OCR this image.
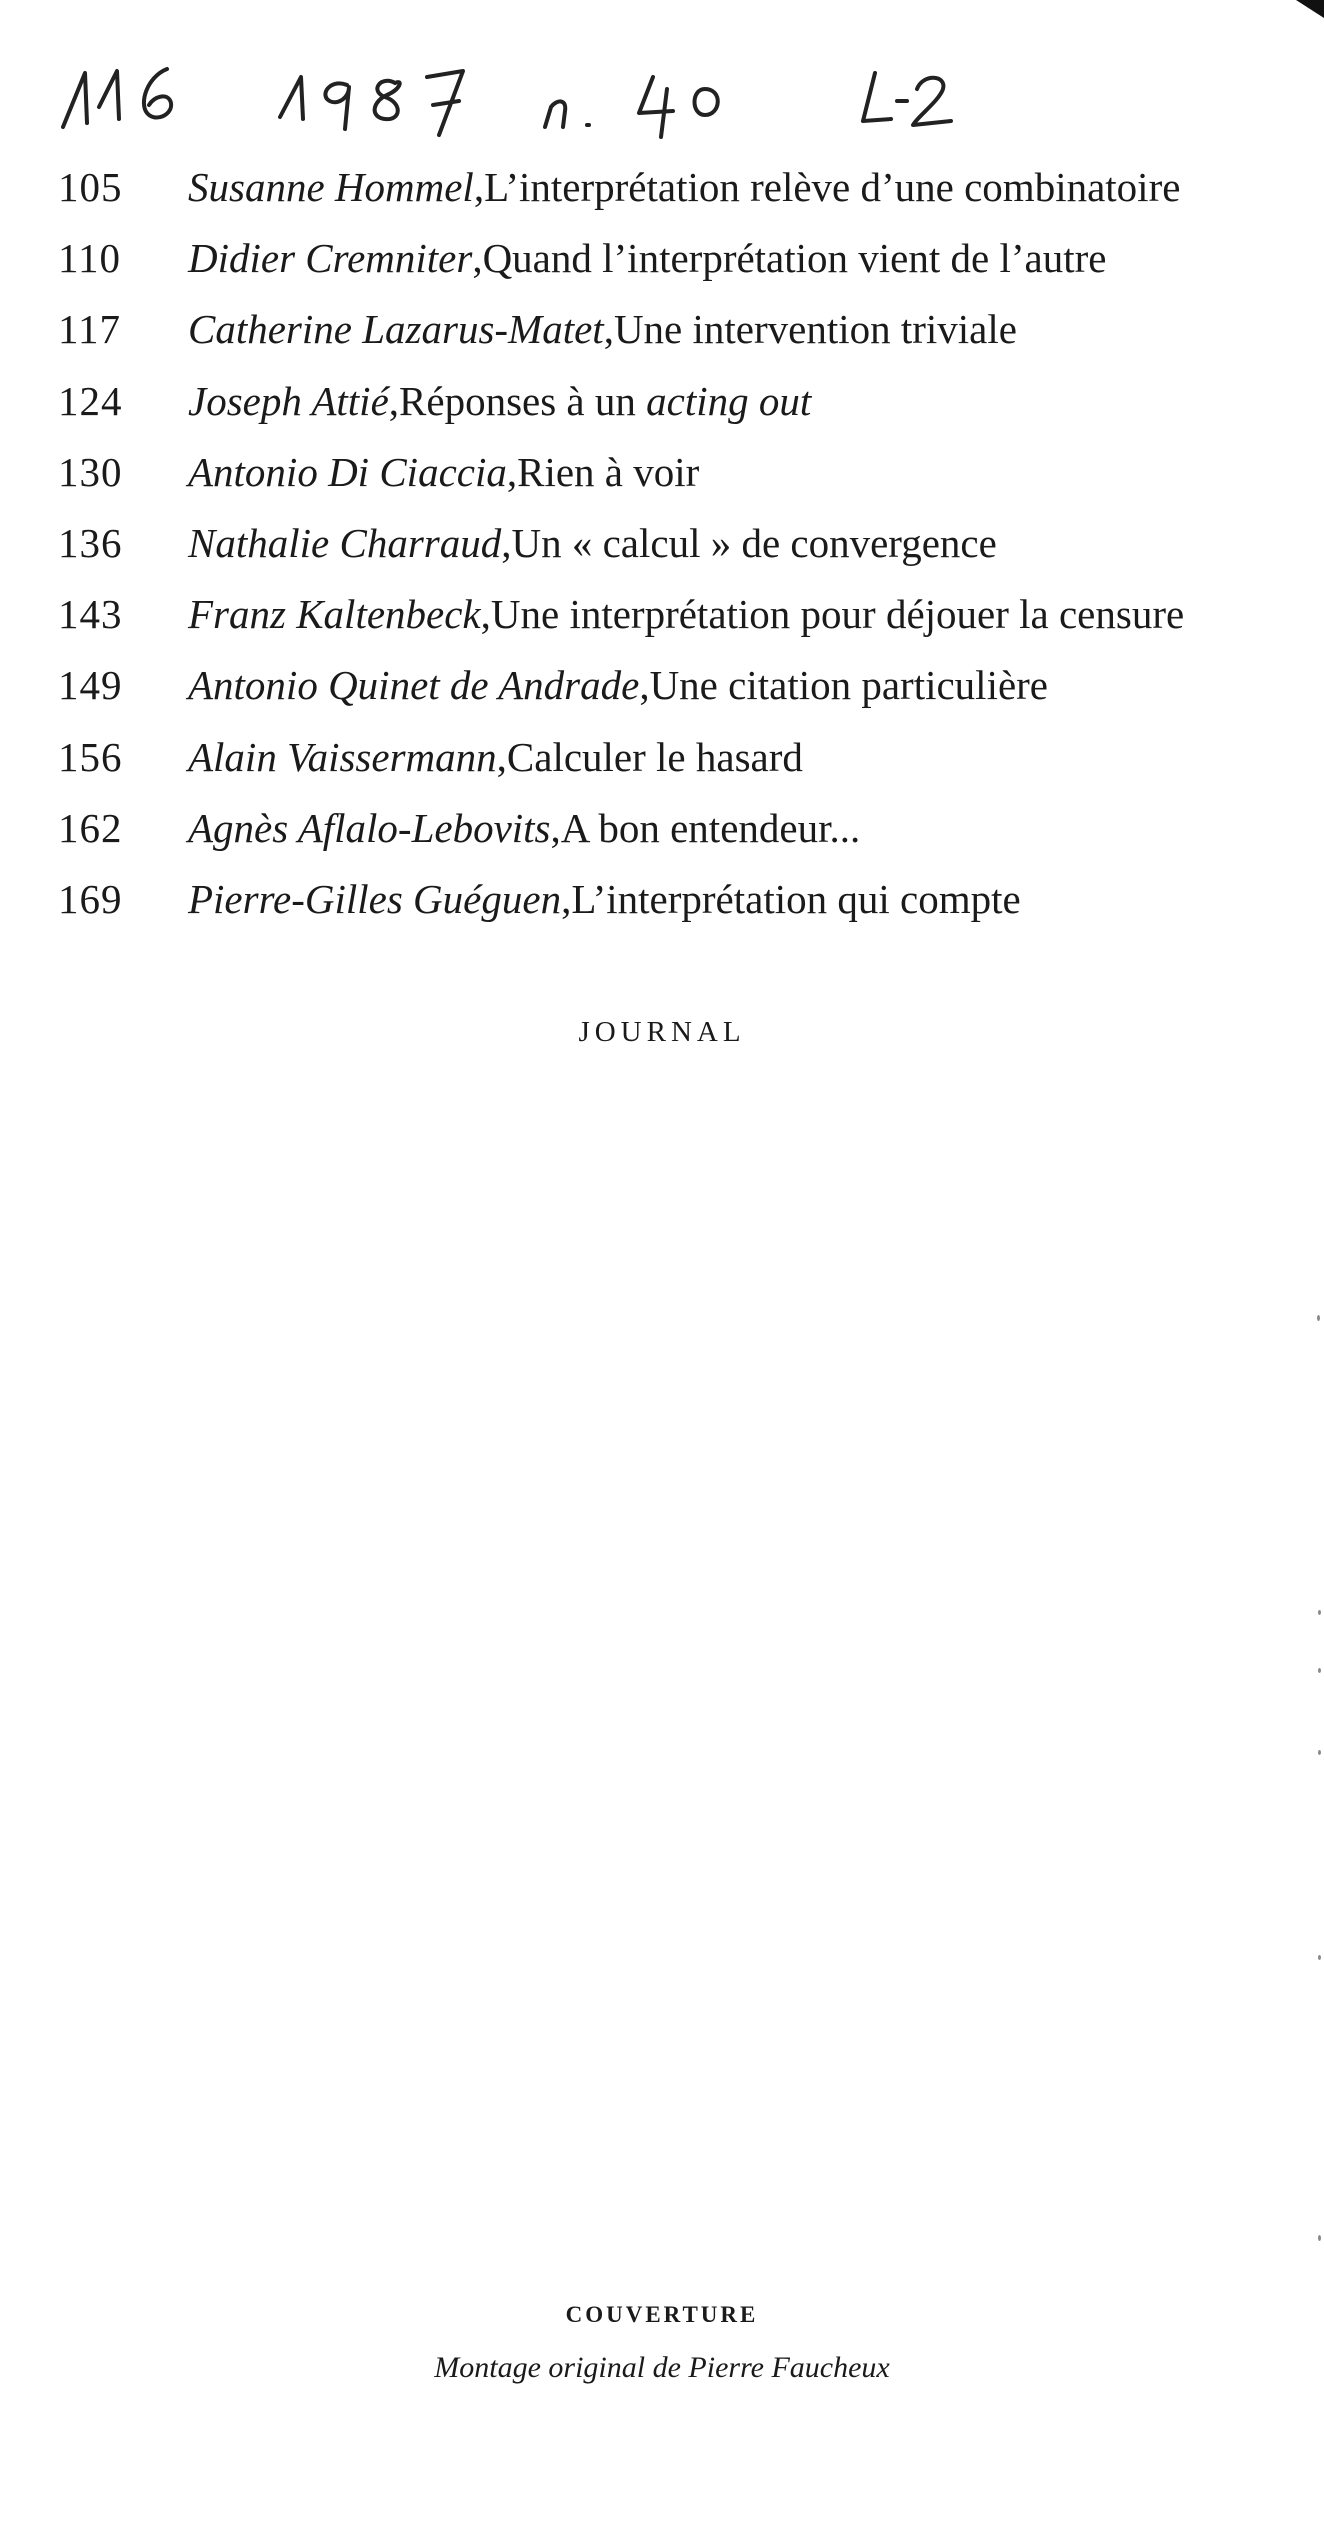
105	Susanne Hommel , L’interprétation relève d’une combinatoire
110	Didier Cremniter , Quand l’interprétation vient de l’autre
117	Catherine Lazarus-Matet , Une intervention triviale
124	Joseph Attié , Réponses à un acting out
130	Antonio Di Ciaccia , Rien à voir
136	Nathalie Charraud , Un « calcul » de convergence
143	Franz Kaltenbeck , Une interprétation pour déjouer la censure
149	Antonio Quinet de Andrade , Une citation particulière
156	Alain Vaissermann , Calculer le hasard
162	Agnès Aflalo-Lebovits , A bon entendeur...
169	Pierre-Gilles Guéguen , L’interprétation qui compte
JOURNAL
COUVERTURE
Montage original de Pierre Faucheux
